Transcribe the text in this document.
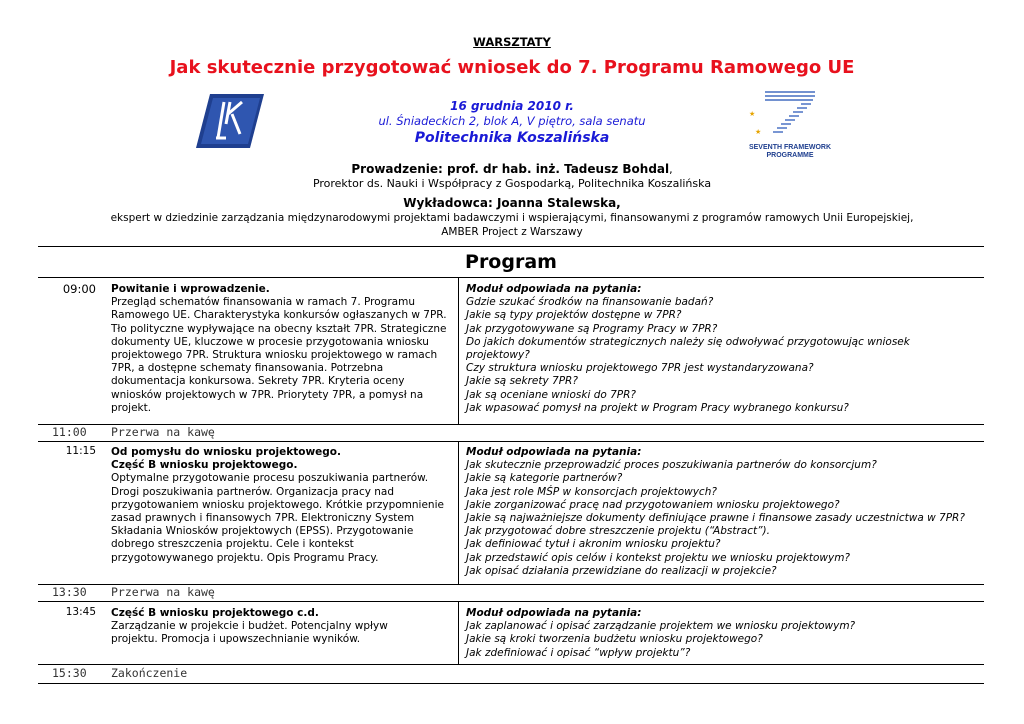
WARSZTATY
Jak skutecznie przygotować wniosek do 7. Programu Ramowego UE
★
★
SEVENTH FRAMEWORK
PROGRAMME
16 grudnia 2010 r.
ul. Śniadeckich 2, blok A, V piętro, sala senatu
Politechnika Koszalińska
Prowadzenie: prof. dr hab. inż. Tadeusz Bohdal,
Prorektor ds. Nauki i Współpracy z Gospodarką, Politechnika Koszalińska
Wykładowca: Joanna Stalewska,
ekspert w dziedzinie zarządzania międzynarodowymi projektami badawczymi i wspierającymi, finansowanymi z programów ramowych Unii Europejskiej,
AMBER Project z Warszawy
Program
09:00 Powitanie i wprowadzenie.
Przegląd schematów finansowania w ramach 7. Programu
Ramowego UE. Charakterystyka konkursów ogłaszanych w 7PR.
Tło polityczne wypływające na obecny kształt 7PR. Strategiczne
dokumenty UE, kluczowe w procesie przygotowania wniosku
projektowego 7PR. Struktura wniosku projektowego w ramach
7PR, a dostępne schematy finansowania. Potrzebna
dokumentacja konkursowa. Sekrety 7PR. Kryteria oceny
wniosków projektowych w 7PR. Priorytety 7PR, a pomysł na
projekt.
Moduł odpowiada na pytania:
Gdzie szukać środków na finansowanie badań?
Jakie są typy projektów dostępne w 7PR?
Jak przygotowywane są Programy Pracy w 7PR?
Do jakich dokumentów strategicznych należy się odwoływać przygotowując wniosek
projektowy?
Czy struktura wniosku projektowego 7PR jest wystandaryzowana?
Jakie są sekrety 7PR?
Jak są oceniane wnioski do 7PR?
Jak wpasować pomysł na projekt w Program Pracy wybranego konkursu?
11:00 Przerwa na kawę
11:15 Od pomysłu do wniosku projektowego.
Część B wniosku projektowego.
Optymalne przygotowanie procesu poszukiwania partnerów.
Drogi poszukiwania partnerów. Organizacja pracy nad
przygotowaniem wniosku projektowego. Krótkie przypomnienie
zasad prawnych i finansowych 7PR. Elektroniczny System
Składania Wniosków projektowych (EPSS). Przygotowanie
dobrego streszczenia projektu. Cele i kontekst
przygotowywanego projektu. Opis Programu Pracy.
Moduł odpowiada na pytania:
Jak skutecznie przeprowadzić proces poszukiwania partnerów do konsorcjum?
Jakie są kategorie partnerów?
Jaka jest role MŚP w konsorcjach projektowych?
Jakie zorganizować pracę nad przygotowaniem wniosku projektowego?
Jakie są najważniejsze dokumenty definiujące prawne i finansowe zasady uczestnictwa w 7PR?
Jak przygotować dobre streszczenie projektu (“Abstract”).
Jak definiować tytuł i akronim wniosku projektu?
Jak przedstawić opis celów i kontekst projektu we wniosku projektowym?
Jak opisać działania przewidziane do realizacji w projekcie?
13:30 Przerwa na kawę
13:45 Część B wniosku projektowego c.d.
Zarządzanie w projekcie i budżet. Potencjalny wpływ
projektu. Promocja i upowszechnianie wyników.
Moduł odpowiada na pytania:
Jak zaplanować i opisać zarządzanie projektem we wniosku projektowym?
Jakie są kroki tworzenia budżetu wniosku projektowego?
Jak zdefiniować i opisać “wpływ projektu”?
15:30 Zakończenie
